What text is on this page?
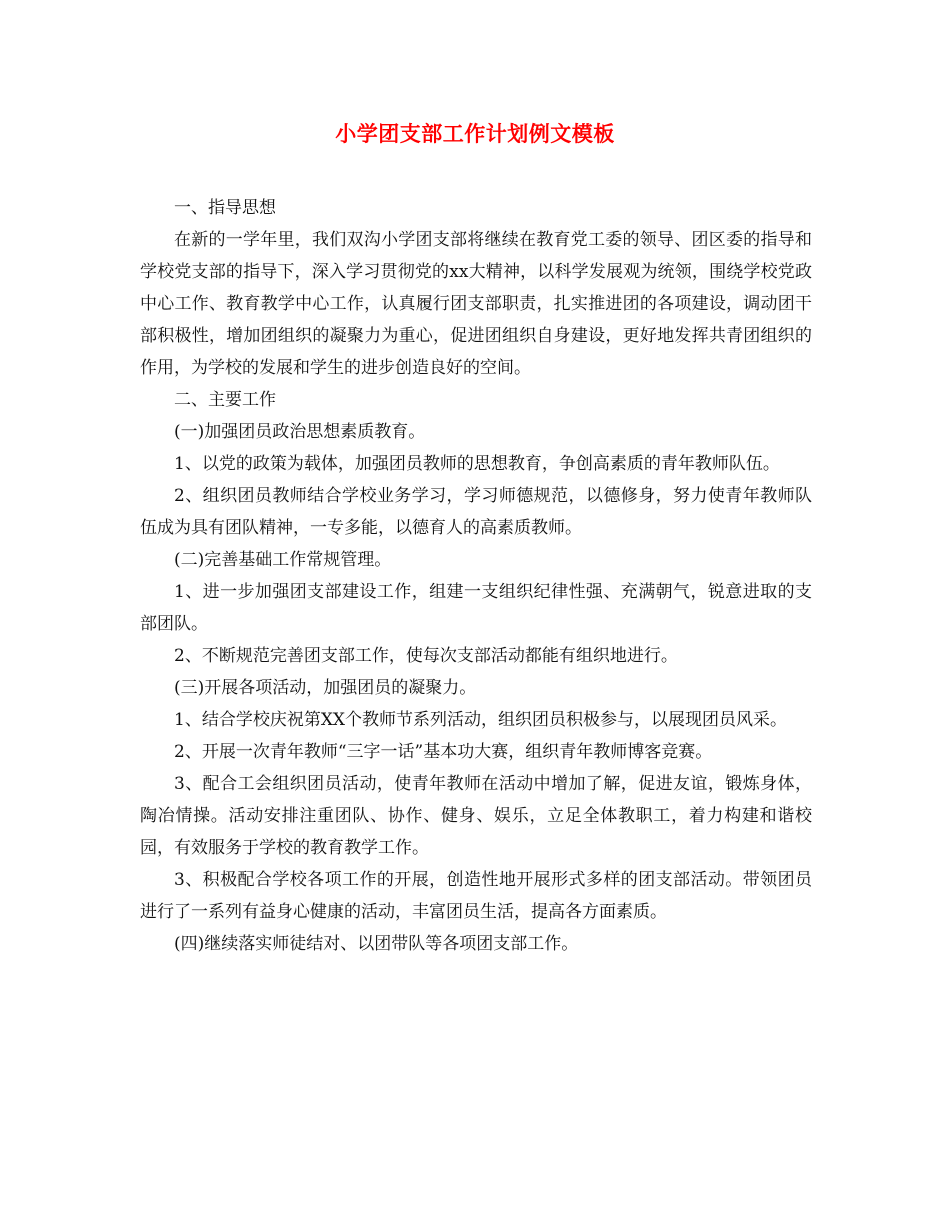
小学团支部工作计划例文模板

一、指导思想

在新的一学年里，我们双沟小学团支部将继续在教育党工委的领导、团区委的指导和学校党支部的指导下，深入学习贯彻党的xx大精神，以科学发展观为统领，围绕学校党政中心工作、教育教学中心工作，认真履行团支部职责，扎实推进团的各项建设，调动团干部积极性，增加团组织的凝聚力为重心，促进团组织自身建设，更好地发挥共青团组织的作用，为学校的发展和学生的进步创造良好的空间。

二、主要工作

(一)加强团员政治思想素质教育。

1、以党的政策为载体，加强团员教师的思想教育，争创高素质的青年教师队伍。

2、组织团员教师结合学校业务学习，学习师德规范，以德修身，努力使青年教师队伍成为具有团队精神，一专多能，以德育人的高素质教师。

(二)完善基础工作常规管理。

1、进一步加强团支部建设工作，组建一支组织纪律性强、充满朝气，锐意进取的支部团队。

2、不断规范完善团支部工作，使每次支部活动都能有组织地进行。

(三)开展各项活动，加强团员的凝聚力。

1、结合学校庆祝第XX个教师节系列活动，组织团员积极参与，以展现团员风采。

2、开展一次青年教师“三字一话”基本功大赛，组织青年教师博客竞赛。

3、配合工会组织团员活动，使青年教师在活动中增加了解，促进友谊，锻炼身体，陶冶情操。活动安排注重团队、协作、健身、娱乐，立足全体教职工，着力构建和谐校园，有效服务于学校的教育教学工作。

3、积极配合学校各项工作的开展，创造性地开展形式多样的团支部活动。带领团员进行了一系列有益身心健康的活动，丰富团员生活，提高各方面素质。

(四)继续落实师徒结对、以团带队等各项团支部工作。
